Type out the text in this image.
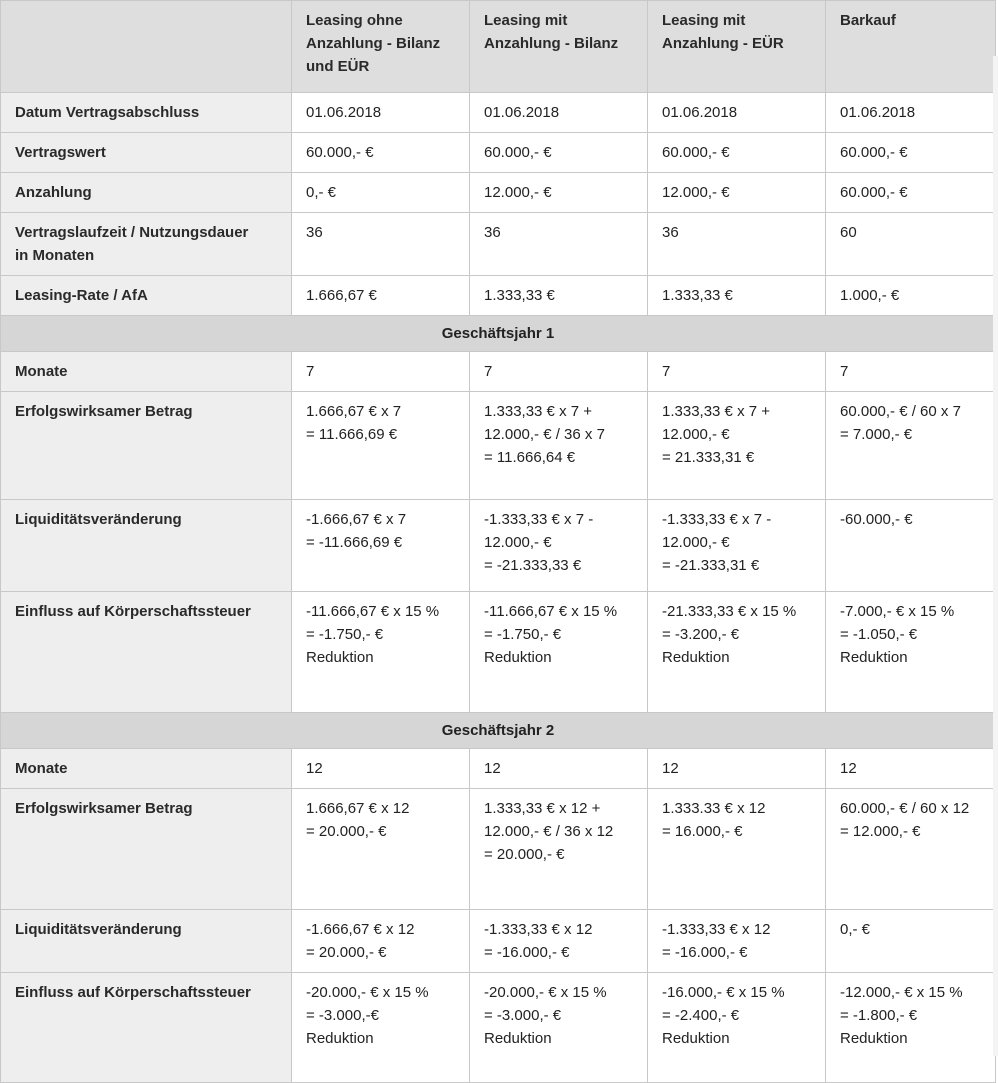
	Leasing ohne
Anzahlung - Bilanz
und EÜR	Leasing mit
Anzahlung - Bilanz	Leasing mit
Anzahlung - EÜR	Barkauf

Datum Vertragsabschluss	01.06.2018	01.06.2018	01.06.2018	01.06.2018

Vertragswert	60.000,- €	60.000,- €	60.000,- €	60.000,- €

Anzahlung	0,- €	12.000,- €	12.000,- €	60.000,- €

Vertragslaufzeit / Nutzungsdauer
in Monaten	36	36	36	60

Leasing-Rate / AfA	1.666,67 €	1.333,33 €	1.333,33 €	1.000,- €

Geschäftsjahr 1				

Monate	7	7	7	7

Erfolgswirksamer Betrag	1.666,67 € x 7
= 11.666,69 €	1.333,33 € x 7 +
12.000,- € / 36 x 7
= 11.666,64 €	1.333,33 € x 7 +
12.000,- €
= 21.333,31 €	60.000,- € / 60 x 7
= 7.000,- €

Liquiditätsveränderung	-1.666,67 € x 7
= -11.666,69 €	-1.333,33 € x 7 -
12.000,- €
= -21.333,33 €	-1.333,33 € x 7 -
12.000,- €
= -21.333,31 €	-60.000,- €

Einfluss auf Körperschaftssteuer	-11.666,67 € x 15 %
= -1.750,- €
Reduktion	-11.666,67 € x 15 %
= -1.750,- €
Reduktion	-21.333,33 € x 15 %
= -3.200,- €
Reduktion	-7.000,- € x 15 %
= -1.050,- €
Reduktion

Geschäftsjahr 2				

Monate	12	12	12	12

Erfolgswirksamer Betrag	1.666,67 € x 12
= 20.000,- €	1.333,33 € x 12 +
12.000,- € / 36 x 12
= 20.000,- €	1.333.33 € x 12
= 16.000,- €	60.000,- € / 60 x 12
= 12.000,- €

Liquiditätsveränderung	-1.666,67 € x 12
= 20.000,- €	-1.333,33 € x 12
= -16.000,- €	-1.333,33 € x 12
= -16.000,- €	0,- €

Einfluss auf Körperschaftssteuer	-20.000,- € x 15 %
= -3.000,-€
Reduktion	-20.000,- € x 15 %
= -3.000,- €
Reduktion	-16.000,- € x 15 %
= -2.400,- €
Reduktion	-12.000,- € x 15 %
= -1.800,- €
Reduktion
